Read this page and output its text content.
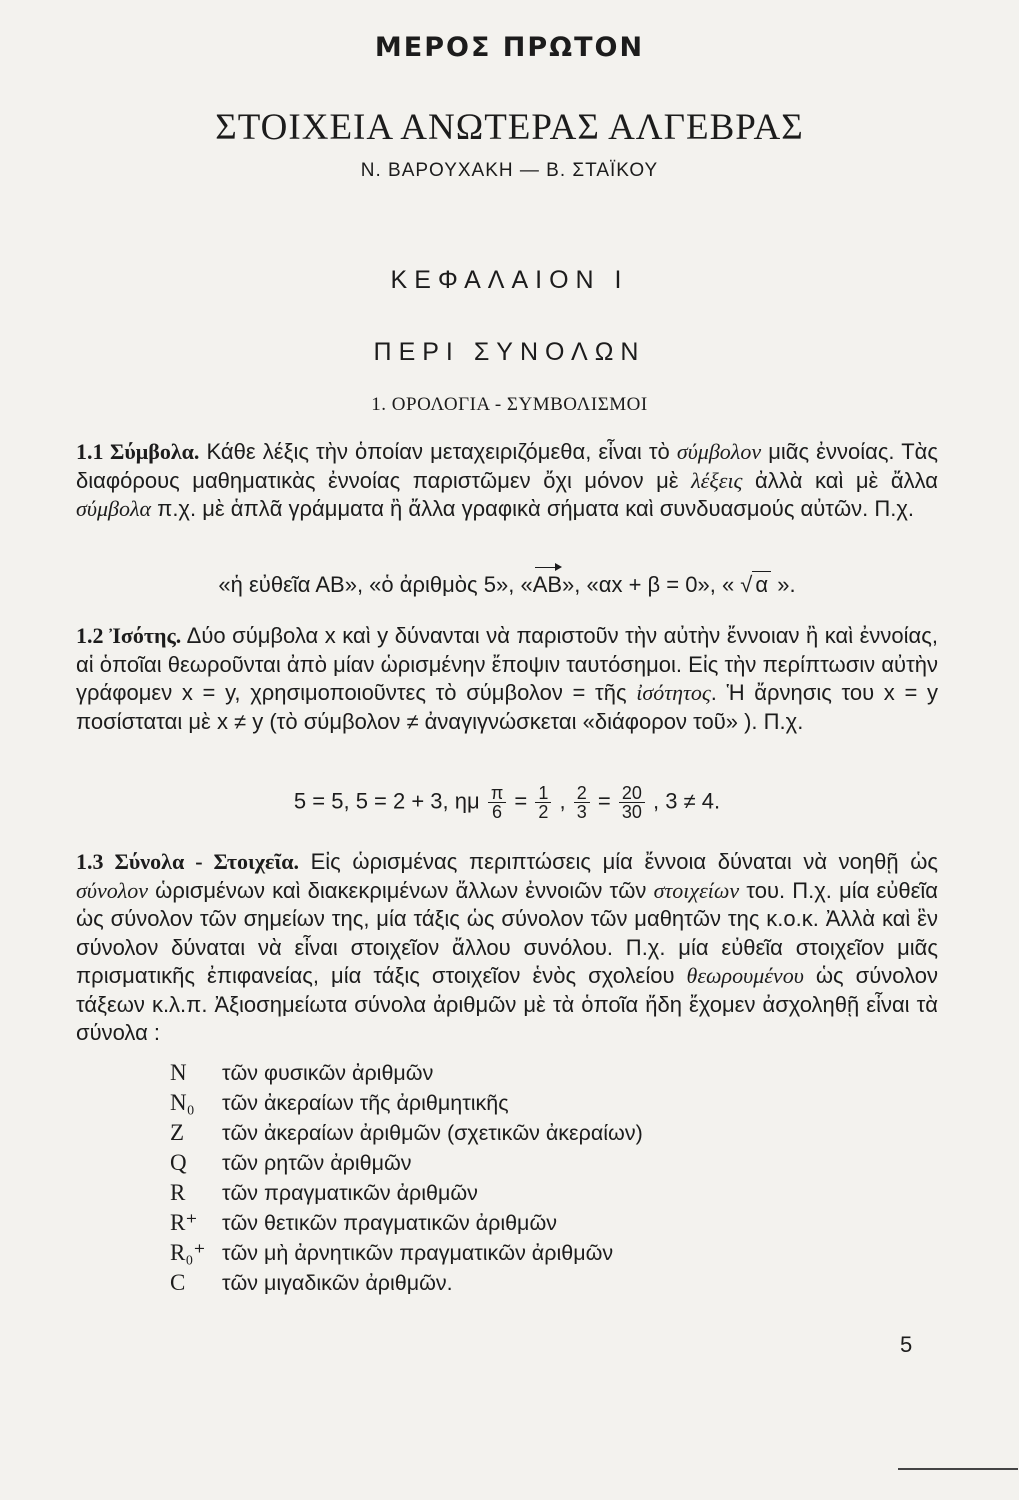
ΜΕΡΟΣ ΠΡΩΤΟΝ
ΣΤΟΙΧΕΙΑ ΑΝΩΤΕΡΑΣ ΑΛΓΕΒΡΑΣ
Ν. ΒΑΡΟΥΧΑΚΗ — Β. ΣΤΑΪΚΟΥ
ΚΕΦΑΛΑΙΟΝ Ι
ΠΕΡΙ ΣΥΝΟΛΩΝ
1. ΟΡΟΛΟΓΙΑ - ΣΥΜΒΟΛΙΣΜΟΙ
1.1 Σύμβολα. Κάθε λέξις τὴν ὁποίαν μεταχειριζόμεθα, εἶναι τὸ σύμβολον μιᾶς ἐννοίας. Τὰς διαφόρους μαθηματικὰς ἐννοίας παριστῶμεν ὄχι μόνον μὲ λέξεις ἀλλὰ καὶ μὲ ἄλλα σύμβολα π.χ. μὲ ἁπλᾶ γράμματα ἢ ἄλλα γραφικὰ σήματα καὶ συνδυασμούς αὐτῶν. Π.χ.
«ἡ εὐθεῖα ΑΒ», «ὁ ἀριθμὸς 5», «ΑΒ», «αx + β = 0», « √ α ».
1.2 Ἰσότης. Δύο σύμβολα x καὶ y δύνανται νὰ παριστοῦν τὴν αὐτὴν ἔννοιαν ἢ καὶ ἐννοίας, αἱ ὁποῖαι θεωροῦνται ἀπὸ μίαν ὡρισμένην ἔποψιν ταυτόσημοι. Εἰς τὴν περίπτωσιν αὐτὴν γράφομεν x = y, χρησιμοποιοῦντες τὸ σύμβολον = τῆς ἰσότητος. Ἡ ἄρνησις του x = y ποσίσταται μὲ x ≠ y (τὸ σύμβολον ≠ ἀναγιγνώσκεται «διάφορον τοῦ» ). Π.χ.
5 = 5, 5 = 2 + 3, ημ $\frac{\pi}{6} = \frac{1}{2}$ , $\frac{2}{3} = \frac{20}{30}$ , 3 ≠ 4.
1.3 Σύνολα - Στοιχεῖα. Εἰς ὡρισμένας περιπτώσεις μία ἔννοια δύναται νὰ νοηθῇ ὡς σύνολον ὡρισμένων καὶ διακεκριμένων ἄλλων ἐννοιῶν τῶν στοιχείων του. Π.χ. μία εὐθεῖα ὡς σύνολον τῶν σημείων της, μία τάξις ὡς σύνολον τῶν μαθητῶν της κ.ο.κ. Ἀλλὰ καὶ ἓν σύνολον δύναται νὰ εἶναι στοιχεῖον ἄλλου συνόλου. Π.χ. μία εὐθεῖα στοιχεῖον μιᾶς πρισματικῆς ἐπιφανείας, μία τάξις στοιχεῖον ἑνὸς σχολείου θεωρουμένου ὡς σύνολον τάξεων κ.λ.π. Ἀξιοσημείωτα σύνολα ἀριθμῶν μὲ τὰ ὁποῖα ἤδη ἔχομεν ἀσχοληθῇ εἶναι τὰ σύνολα :
N	τῶν φυσικῶν ἀριθμῶν
N₀	τῶν ἀκεραίων τῆς ἀριθμητικῆς
Z	τῶν ἀκεραίων ἀριθμῶν (σχετικῶν ἀκεραίων)
Q	τῶν ρητῶν ἀριθμῶν
R	τῶν πραγματικῶν ἀριθμῶν
R⁺	τῶν θετικῶν πραγματικῶν ἀριθμῶν
R₀⁺ τῶν μὴ ἀρνητικῶν πραγματικῶν ἀριθμῶν
C	τῶν μιγαδικῶν ἀριθμῶν.
5
